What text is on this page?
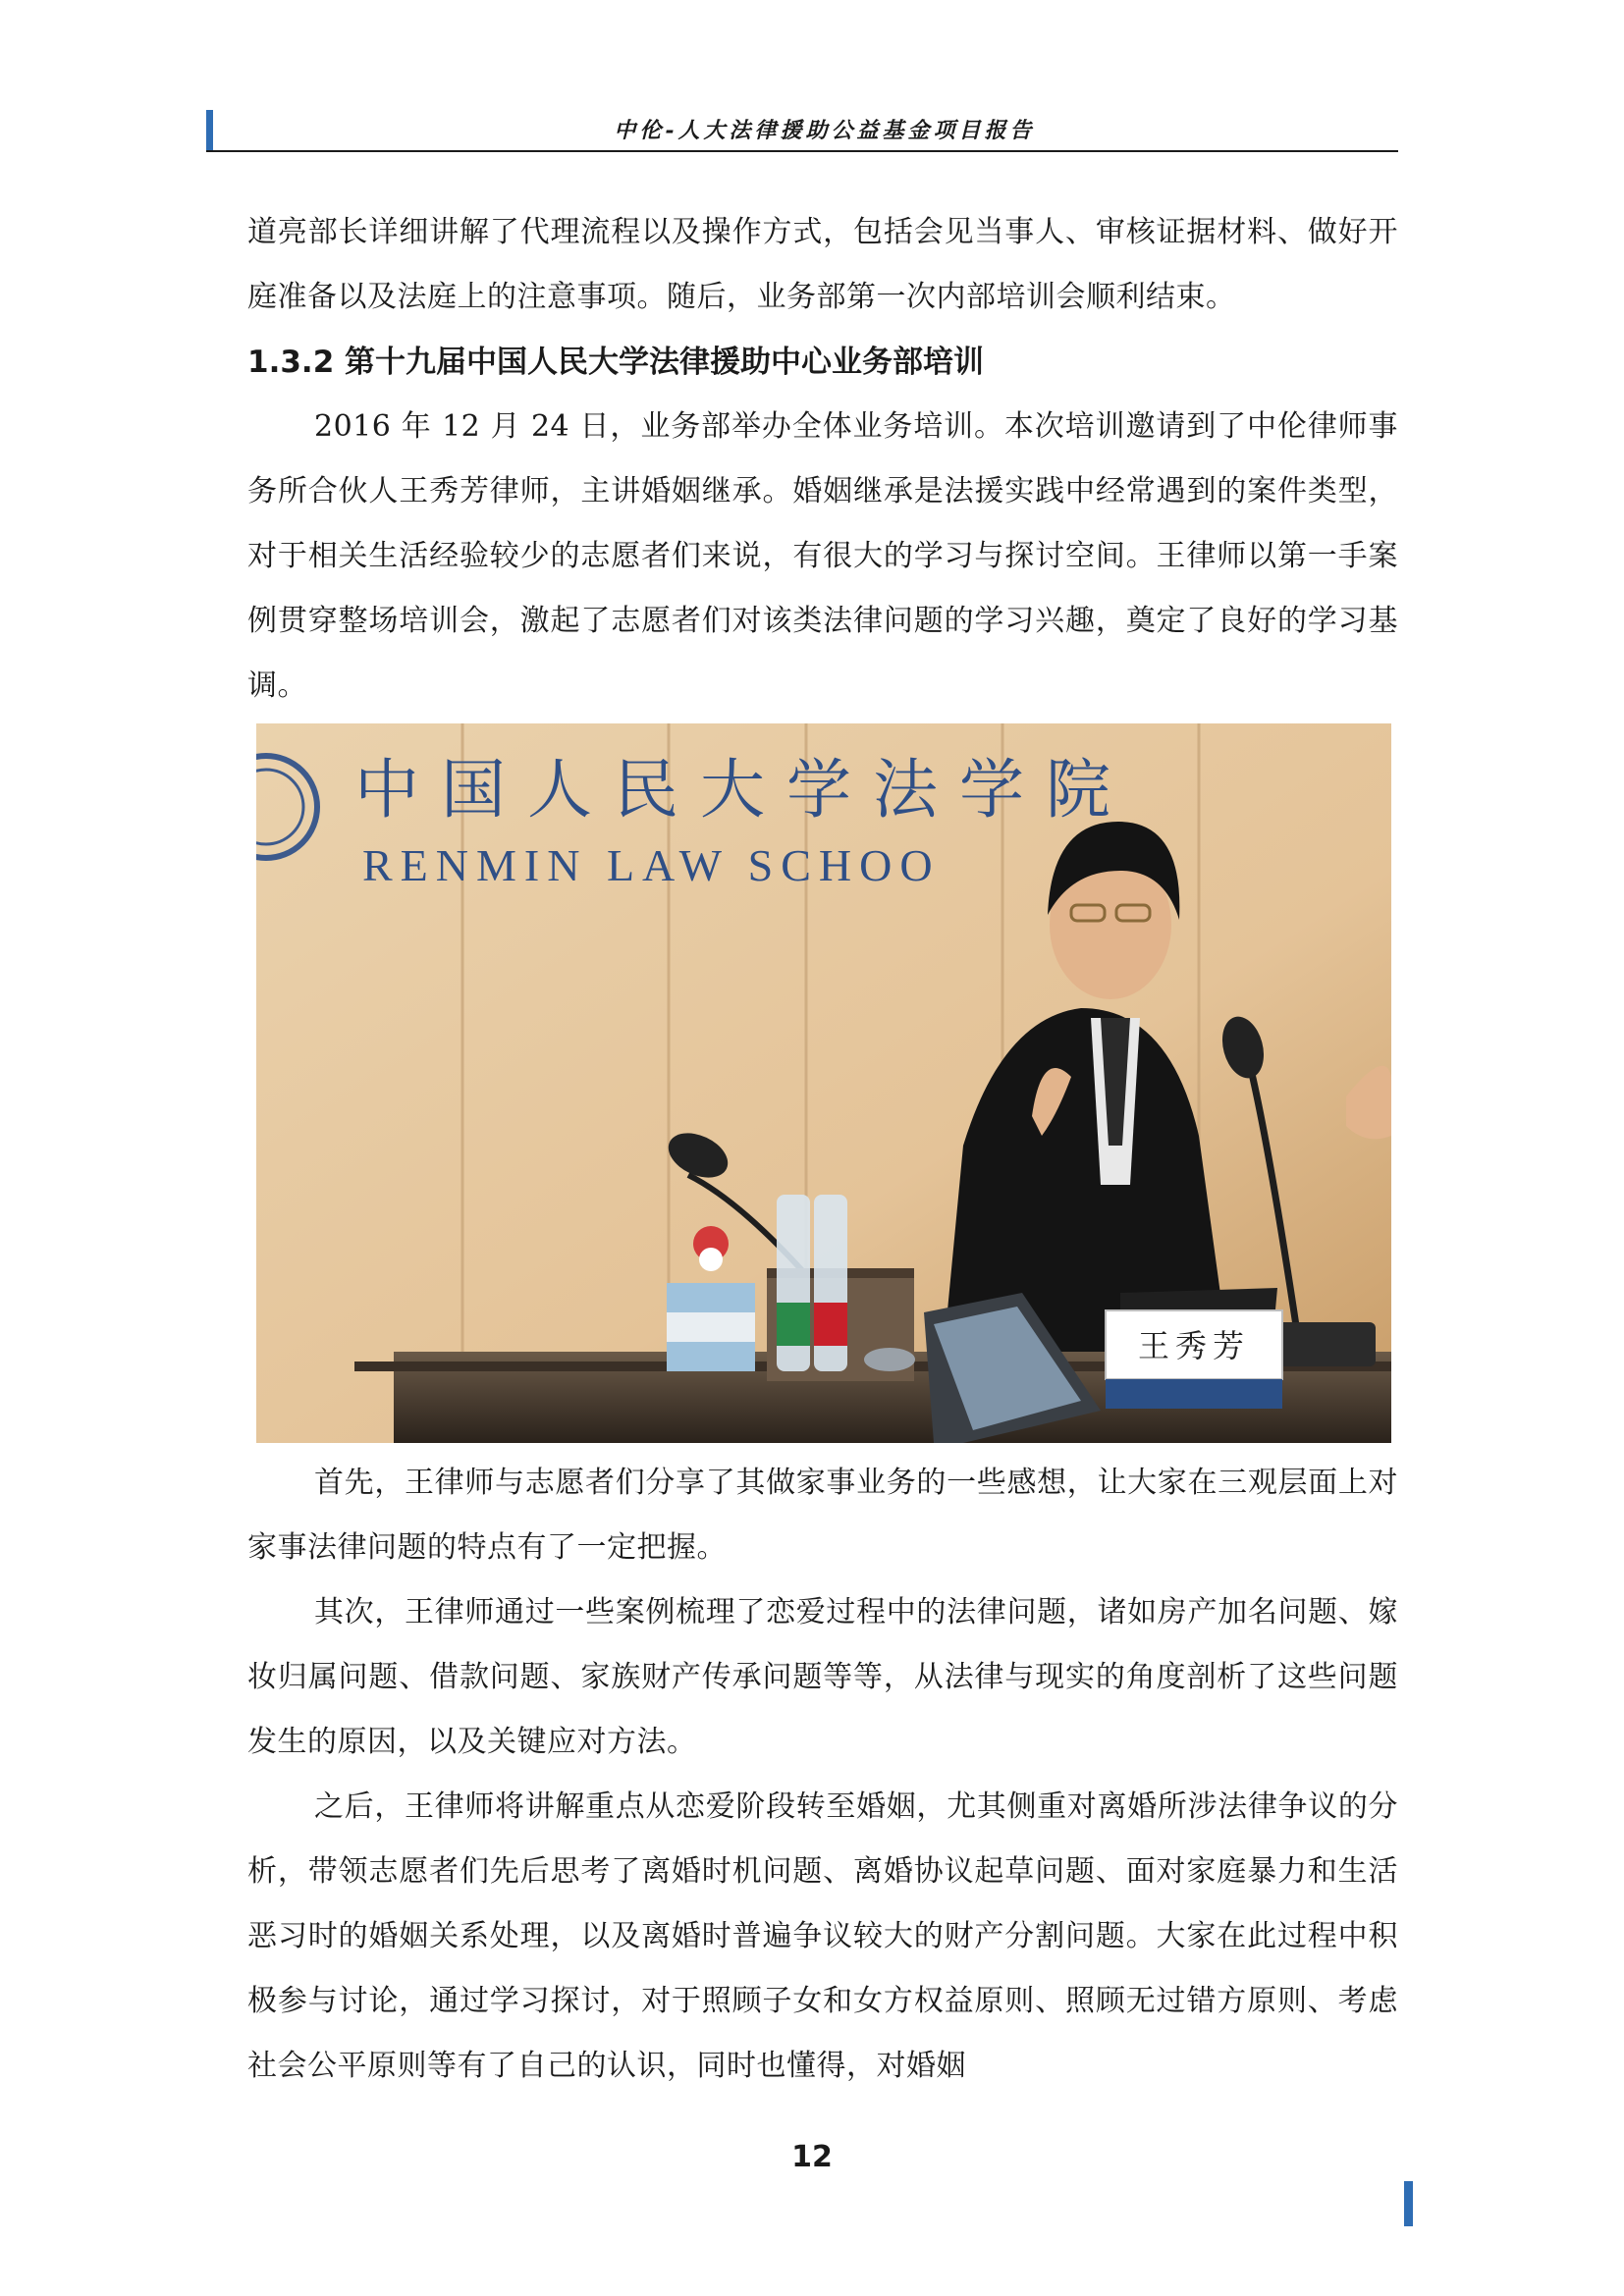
中伦-人大法律援助公益基金项目报告

道亮部长详细讲解了代理流程以及操作方式，包括会见当事人、审核证据材料、做好开庭准备以及法庭上的注意事项。随后，业务部第一次内部培训会顺利结束。

1.3.2 第十九届中国人民大学法律援助中心业务部培训

2016 年 12 月 24 日，业务部举办全体业务培训。本次培训邀请到了中伦律师事务所合伙人王秀芳律师，主讲婚姻继承。婚姻继承是法援实践中经常遇到的案件类型，对于相关生活经验较少的志愿者们来说，有很大的学习与探讨空间。王律师以第一手案例贯穿整场培训会，激起了志愿者们对该类法律问题的学习兴趣，奠定了良好的学习基调。

中国人民大学法学院
RENMIN LAW SCHOO
王秀芳

首先，王律师与志愿者们分享了其做家事业务的一些感想，让大家在三观层面上对家事法律问题的特点有了一定把握。

其次，王律师通过一些案例梳理了恋爱过程中的法律问题，诸如房产加名问题、嫁妆归属问题、借款问题、家族财产传承问题等等，从法律与现实的角度剖析了这些问题发生的原因，以及关键应对方法。

之后，王律师将讲解重点从恋爱阶段转至婚姻，尤其侧重对离婚所涉法律争议的分析，带领志愿者们先后思考了离婚时机问题、离婚协议起草问题、面对家庭暴力和生活恶习时的婚姻关系处理，以及离婚时普遍争议较大的财产分割问题。大家在此过程中积极参与讨论，通过学习探讨，对于照顾子女和女方权益原则、照顾无过错方原则、考虑社会公平原则等有了自己的认识，同时也懂得，对婚姻

12
